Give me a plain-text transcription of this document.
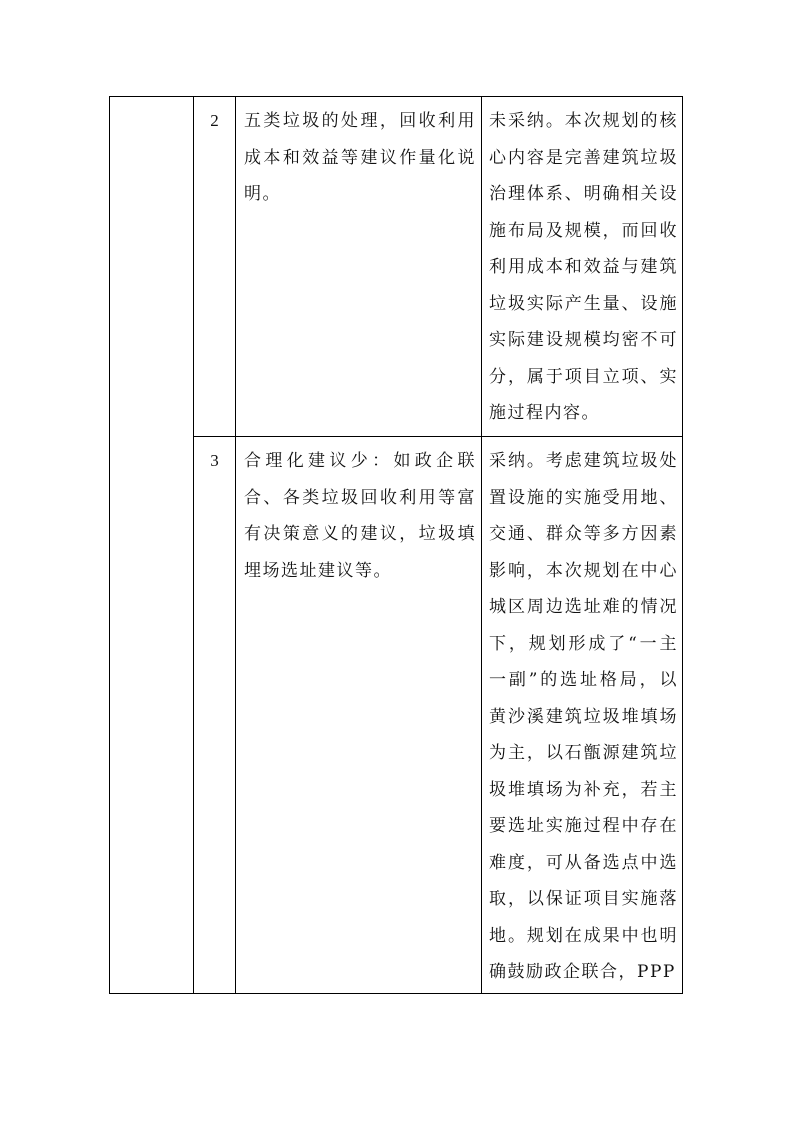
	2	五类垃圾的处理，回收利用成本和效益等建议作量化说明。	未采纳。本次规划的核心内容是完善建筑垃圾治理体系、明确相关设施布局及规模，而回收利用成本和效益与建筑垃圾实际产生量、设施实际建设规模均密不可分，属于项目立项、实施过程内容。

	3	合理化建议少：如政企联合、各类垃圾回收利用等富有决策意义的建议，垃圾填埋场选址建议等。	采纳。考虑建筑垃圾处置设施的实施受用地、交通、群众等多方因素影响，本次规划在中心城区周边选址难的情况下，规划形成了“一主一副”的选址格局，以黄沙溪建筑垃圾堆填场为主，以石甑源建筑垃圾堆填场为补充，若主要选址实施过程中存在难度，可从备选点中选取，以保证项目实施落地。规划在成果中也明确鼓励政企联合，PPP
